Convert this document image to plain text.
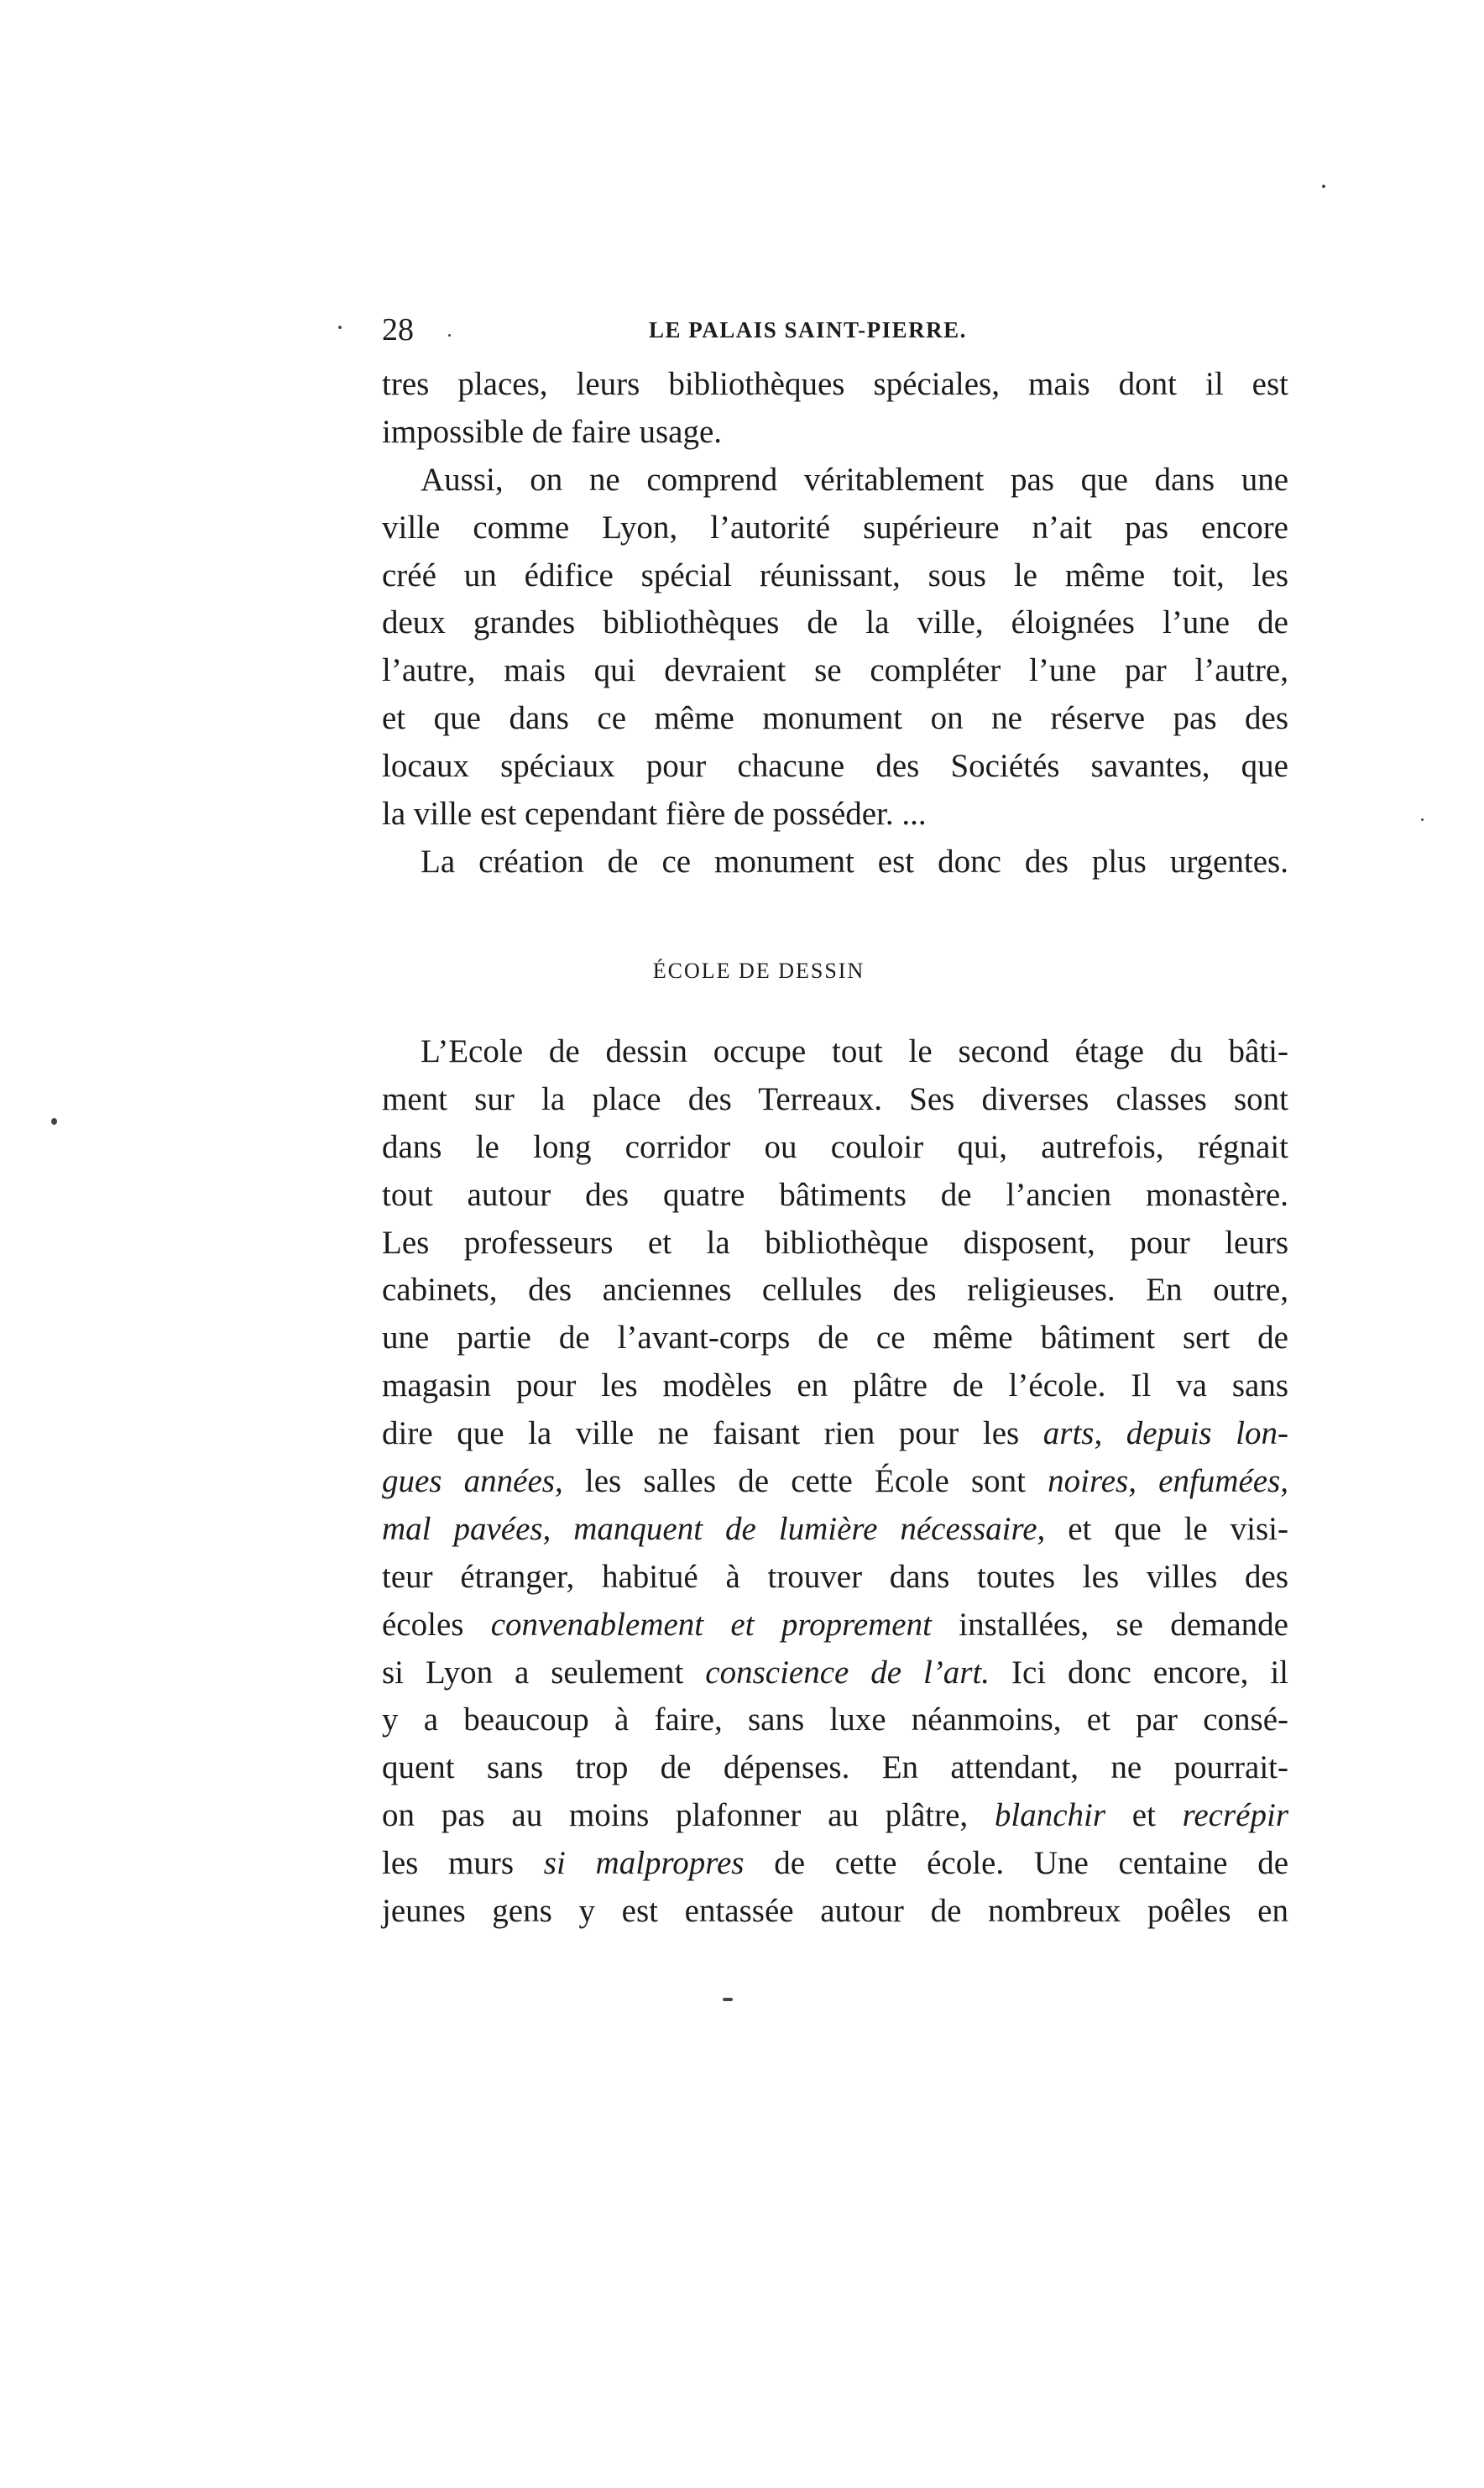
28	LE PALAIS SAINT-PIERRE.
tres places, leurs bibliothèques spéciales, mais dont il est
impossible de faire usage.
Aussi, on ne comprend véritablement pas que dans une
ville comme Lyon, l’autorité supérieure n’ait pas encore
créé un édifice spécial réunissant, sous le même toit, les
deux grandes bibliothèques de la ville, éloignées l’une de
l’autre, mais qui devraient se compléter l’une par l’autre,
et que dans ce même monument on ne réserve pas des
locaux spéciaux pour chacune des Sociétés savantes, que
la ville est cependant fière de posséder. ...
La création de ce monument est donc des plus urgentes.
ÉCOLE DE DESSIN
L’Ecole de dessin occupe tout le second étage du bâti-
ment sur la place des Terreaux. Ses diverses classes sont
dans le long corridor ou couloir qui, autrefois, régnait
tout autour des quatre bâtiments de l’ancien monastère.
Les professeurs et la bibliothèque disposent, pour leurs
cabinets, des anciennes cellules des religieuses. En outre,
une partie de l’avant-corps de ce même bâtiment sert de
magasin pour les modèles en plâtre de l’école. Il va sans
dire que la ville ne faisant rien pour les arts, depuis lon-
gues années, les salles de cette École sont noires, enfumées,
mal pavées, manquent de lumière nécessaire, et que le visi-
teur étranger, habitué à trouver dans toutes les villes des
écoles convenablement et proprement installées, se demande
si Lyon a seulement conscience de l’art. Ici donc encore, il
y a beaucoup à faire, sans luxe néanmoins, et par consé-
quent sans trop de dépenses. En attendant, ne pourrait-
on pas au moins plafonner au plâtre, blanchir et recrépir
les murs si malpropres de cette école. Une centaine de
jeunes gens y est entassée autour de nombreux poêles en
